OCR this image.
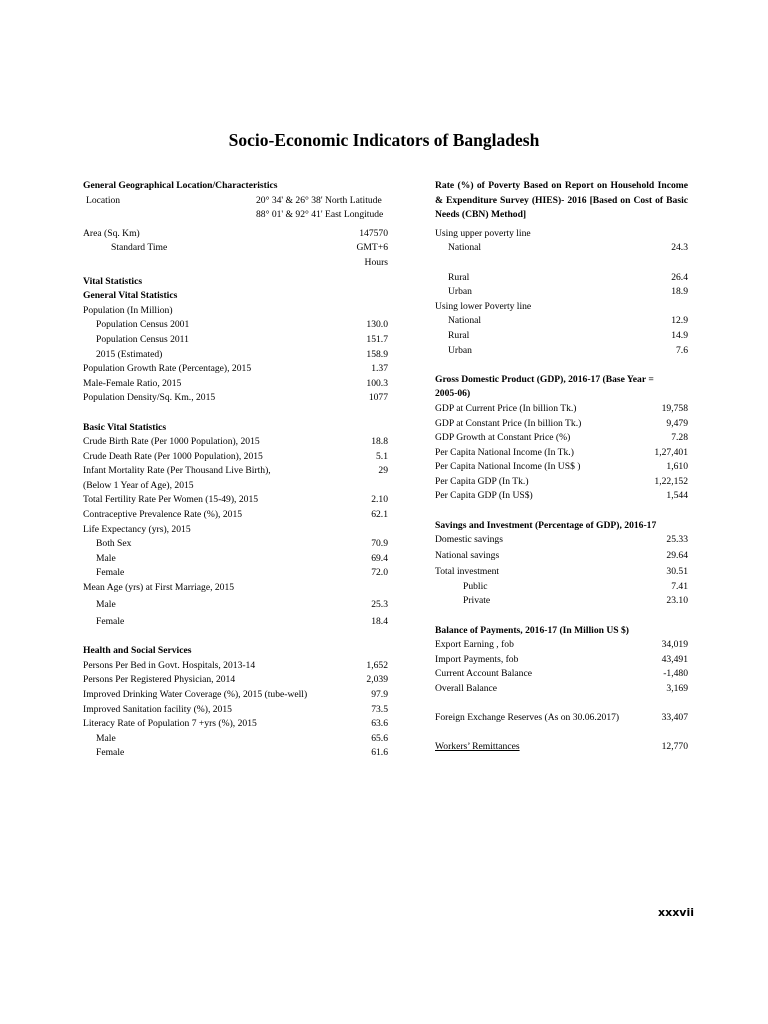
Socio-Economic Indicators of Bangladesh
General Geographical Location/Characteristics
Location	20° 34' & 26° 38' North Latitude
88° 01' & 92° 41' East Longitude
Area (Sq. Km)	147570
Standard Time	GMT+6
Hours
Vital Statistics
General Vital Statistics
Population (In Million)
Population Census 2001	130.0
Population Census 2011	151.7
2015 (Estimated)	158.9
Population Growth Rate (Percentage), 2015	1.37
Male-Female Ratio, 2015	100.3
Population Density/Sq. Km., 2015	1077
Basic Vital Statistics
Crude Birth Rate (Per 1000 Population), 2015	18.8
Crude Death Rate (Per 1000 Population), 2015	5.1
Infant Mortality Rate (Per Thousand Live Birth),	29
(Below 1 Year of Age), 2015
Total Fertility Rate Per Women (15-49), 2015	2.10
Contraceptive Prevalence Rate (%), 2015	62.1
Life Expectancy (yrs), 2015
Both Sex	70.9
Male	69.4
Female	72.0
Mean Age (yrs) at First Marriage, 2015
Male	25.3
Female	18.4
Health and Social Services
Persons Per Bed in Govt. Hospitals, 2013-14	1,652
Persons Per Registered Physician, 2014	2,039
Improved Drinking Water Coverage (%), 2015 (tube-well)	97.9
Improved Sanitation facility (%), 2015	73.5
Literacy Rate of Population 7 +yrs (%), 2015	63.6
Male	65.6
Female	61.6
Rate (%) of Poverty Based on Report on Household Income & Expenditure Survey (HIES)- 2016 [Based on Cost of Basic Needs (CBN) Method]
Using upper poverty line
National	24.3
Rural	26.4
Urban	18.9
Using lower Poverty line
National	12.9
Rural	14.9
Urban	7.6
Gross Domestic Product (GDP), 2016-17 (Base Year =
2005-06)
GDP at Current Price (In billion Tk.)	19,758
GDP at Constant Price (In billion Tk.)	9,479
GDP Growth at Constant Price (%)	7.28
Per Capita National Income (In Tk.)	1,27,401
Per Capita National Income (In US$ )	1,610
Per Capita GDP (In Tk.)	1,22,152
Per Capita GDP (In US$)	1,544
Savings and Investment (Percentage of GDP), 2016-17
Domestic savings	25.33
National savings	29.64
Total investment	30.51
Public	7.41
Private	23.10
Balance of Payments, 2016-17 (In Million US $)
Export Earning , fob	34,019
Import Payments, fob	43,491
Current Account Balance	-1,480
Overall Balance	3,169
Foreign Exchange Reserves (As on 30.06.2017)	33,407
Workers’ Remittances	12,770
xxxvii
